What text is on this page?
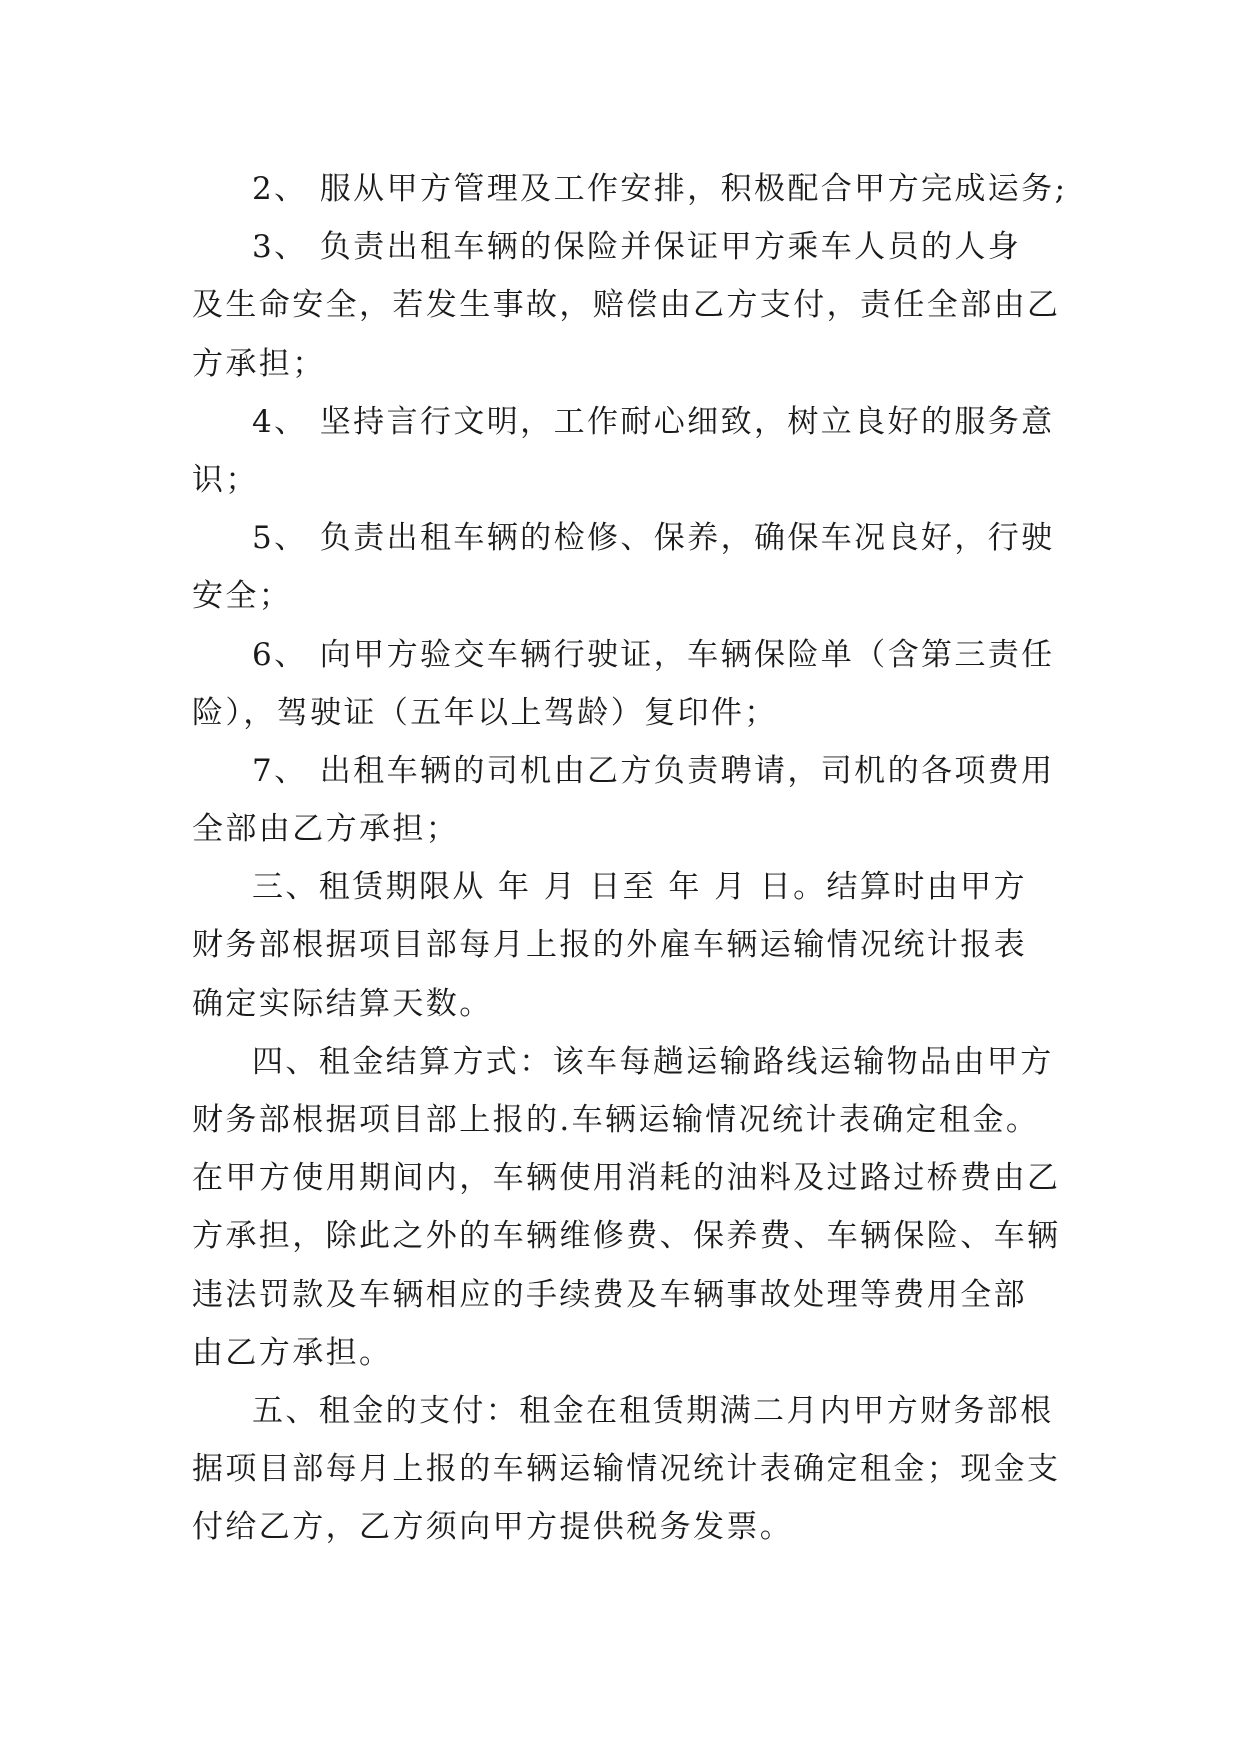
2、 服从甲方管理及工作安排，积极配合甲方完成运务;

3、 负责出租车辆的保险并保证甲方乘车人员的人身
及生命安全，若发生事故，赔偿由乙方支付，责任全部由乙
方承担；

4、 坚持言行文明，工作耐心细致，树立良好的服务意
识；

5、 负责出租车辆的检修、保养，确保车况良好，行驶
安全；

6、 向甲方验交车辆行驶证，车辆保险单（含第三责任
险），驾驶证（五年以上驾龄）复印件；

7、 出租车辆的司机由乙方负责聘请，司机的各项费用
全部由乙方承担；

三、租赁期限从 年 月 日至 年 月 日。结算时由甲方
财务部根据项目部每月上报的外雇车辆运输情况统计报表
确定实际结算天数。

四、租金结算方式：该车每趟运输路线运输物品由甲方
财务部根据项目部上报的.车辆运输情况统计表确定租金。
在甲方使用期间内，车辆使用消耗的油料及过路过桥费由乙
方承担，除此之外的车辆维修费、保养费、车辆保险、车辆
违法罚款及车辆相应的手续费及车辆事故处理等费用全部
由乙方承担。

五、租金的支付：租金在租赁期满二月内甲方财务部根
据项目部每月上报的车辆运输情况统计表确定租金；现金支
付给乙方，乙方须向甲方提供税务发票。
